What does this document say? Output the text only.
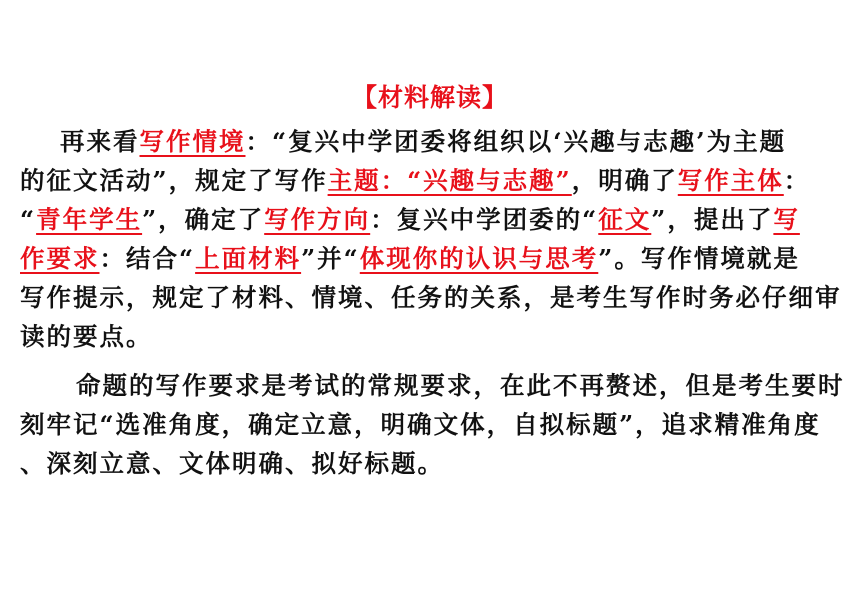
【材料解读】
再来看写作情境：“复兴中学团委将组织以‘兴趣与志趣’为主题
的征文活动”，规定了写作主题：“兴趣与志趣”，明确了写作主体：
“青年学生”，确定了写作方向：复兴中学团委的“征文”，提出了写
作要求：结合“上面材料”并“体现你的认识与思考”。写作情境就是
写作提示，规定了材料、情境、任务的关系，是考生写作时务必仔细审
读的要点。
命题的写作要求是考试的常规要求，在此不再赘述，但是考生要时
刻牢记“选准角度，确定立意，明确文体，自拟标题”，追求精准角度
、深刻立意、文体明确、拟好标题。
